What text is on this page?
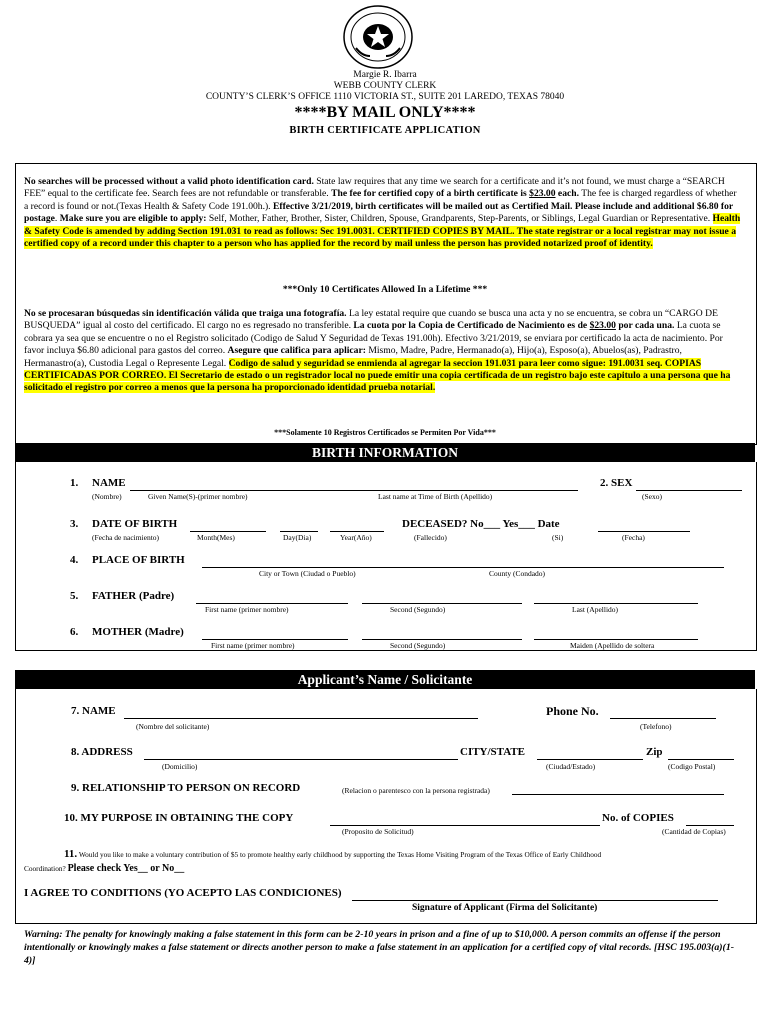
Margie R. Ibarra
WEBB COUNTY CLERK
COUNTY’S CLERK’S OFFICE 1110 VICTORIA ST., SUITE 201 LAREDO, TEXAS 78040
****BY MAIL ONLY****
BIRTH CERTIFICATE APPLICATION
No searches will be processed without a valid photo identification card. State law requires that any time we search for a certificate and it’s not found, we must charge a “SEARCH FEE” equal to the certificate fee. Search fees are not refundable or transferable. The fee for certified copy of a birth certificate is $23.00 each. The fee is charged regardless of whether a record is found or not.(Texas Health & Safety Code 191.00h.). Effective 3/21/2019, birth certificates will be mailed out as Certified Mail. Please include and additional $6.80 for postage. Make sure you are eligible to apply: Self, Mother, Father, Brother, Sister, Children, Spouse, Grandparents, Step-Parents, or Siblings, Legal Guardian or Representative. Health & Safety Code is amended by adding Section 191.031 to read as follows: Sec 191.0031. CERTIFIED COPIES BY MAIL. The state registrar or a local registrar may not issue a certified copy of a record under this chapter to a person who has applied for the record by mail unless the person has provided notarized proof of identity.
***Only 10 Certificates Allowed In a Lifetime ***
No se procesaran búsquedas sin identificación válida que traiga una fotografía. La ley estatal require que cuando se busca una acta y no se encuentra, se cobra un “CARGO DE BUSQUEDA” igual al costo del certificado. El cargo no es regresado no transferible. La cuota por la Copia de Certificado de Nacimiento es de $23.00 por cada una. La cuota se cobrara ya sea que se encuentre o no el Registro solicitado (Codigo de Salud Y Seguridad de Texas 191.00h). Efectivo 3/21/2019, se enviara por certificado la acta de nacimiento. Por favor incluya $6.80 adicional para gastos del correo. Asegure que califica para aplicar: Mismo, Madre, Padre, Hermanado(a), Hijo(a), Esposo(a), Abuelos(as), Padrastro, Hermanastro(a), Custodia Legal o Represente Legal. Codigo de salud y seguridad se enmienda al agregar la seccion 191.031 para leer como sigue: 191.0031 seq. COPIAS CERTIFICADAS POR CORREO. El Secretario de estado o un registrador local no puede emitir una copia certificada de un registro bajo este capitulo a una persona que ha solicitado el registro por correo a menos que la persona ha proporcionado identidad prueba notarial.
***Solamente 10 Registros Certificados se Permiten Por Vida***
BIRTH INFORMATION
1. NAME
(Nombre)	Given Name(S)-(primer nombre)	Last name at Time of Birth (Apellido)
2. SEX
(Sexo)
3. DATE OF BIRTH
(Fecha de nacimiento)	Month(Mes)	Day(Dia)	Year(Año)
DECEASED? No___ Yes___ Date
(Fallecido)	(Si)	(Fecha)
4. PLACE OF BIRTH
City or Town (Ciudad o Pueblo)	County (Condado)
5. FATHER (Padre)
First name (primer nombre)	Second (Segundo)	Last (Apellido)
6. MOTHER (Madre)
First name (primer nombre)	Second (Segundo)	Maiden (Apellido de soltera
Applicant’s Name / Solicitante
7. NAME
(Nombre del solicitante)
Phone No.
(Telefono)
8. ADDRESS
(Domicilio)
CITY/STATE
(Ciudad/Estado)
Zip
(Codigo Postal)
9. RELATIONSHIP TO PERSON ON RECORD	(Relacion o parentesco con la persona registrada)
10. MY PURPOSE IN OBTAINING THE COPY
(Proposito de Solicitud)
No. of COPIES
(Cantidad de Copias)
11. Would you like to make a voluntary contribution of $5 to promote healthy early childhood by supporting the Texas Home Visiting Program of the Texas Office of Early Childhood
Coordination? Please check Yes__ or No__
I AGREE TO CONDITIONS (YO ACEPTO LAS CONDICIONES)
Signature of Applicant (Firma del Solicitante)
Warning: The penalty for knowingly making a false statement in this form can be 2-10 years in prison and a fine of up to $10,000. A person commits an offense if the person intentionally or knowingly makes a false statement or directs another person to make a false statement in an application for a certified copy of vital records. [HSC 195.003(a)(1-4)]
